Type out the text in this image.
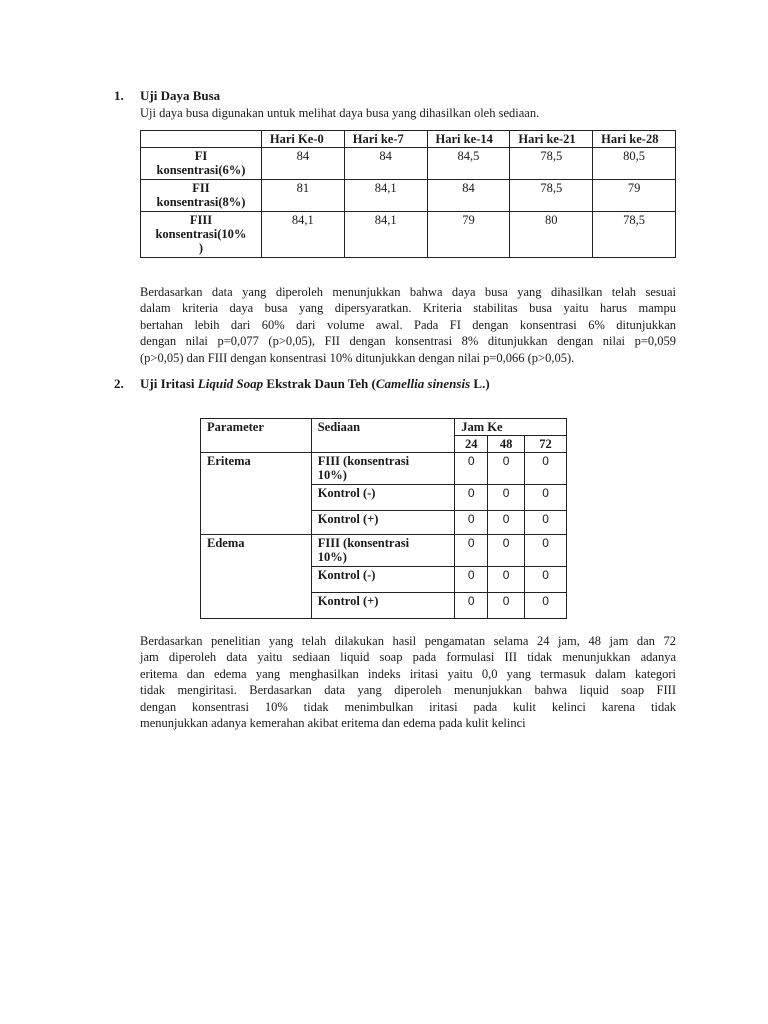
1. Uji Daya Busa
Uji daya busa digunakan untuk melihat daya busa yang dihasilkan oleh sediaan.
	Hari Ke-0	Hari ke-7	Hari ke-14	Hari ke-21	Hari ke-28

FI
konsentrasi(6%)	84	84	84,5	78,5	80,5

FII
konsentrasi(8%)	81	84,1	84	78,5	79

FIII
konsentrasi(10%
)	84,1	84,1	79	80	78,5
Berdasarkan data yang diperoleh menunjukkan bahwa daya busa yang dihasilkan telah sesuai
dalam kriteria daya busa yang dipersyaratkan. Kriteria stabilitas busa yaitu harus mampu
bertahan lebih dari 60% dari volume awal. Pada FI dengan konsentrasi 6% ditunjukkan
dengan nilai p=0,077 (p>0,05), FII dengan konsentrasi 8% ditunjukkan dengan nilai p=0,059
(p>0,05) dan FIII dengan konsentrasi 10% ditunjukkan dengan nilai p=0,066 (p>0,05).
2. Uji Iritasi Liquid Soap Ekstrak Daun Teh (Camellia sinensis L.)
Parameter	Sediaan	Jam Ke		
		24	48	72
Eritema	FIII (konsentrasi
10%)	0	0	0

	Kontrol (-)	0	0	0

	Kontrol (+)	0	0	0
Edema	FIII (konsentrasi
10%)	0	0	0

	Kontrol (-)	0	0	0

	Kontrol (+)	0	0	0
Berdasarkan penelitian yang telah dilakukan hasil pengamatan selama 24 jam, 48 jam dan 72
jam diperoleh data yaitu sediaan liquid soap pada formulasi III tidak menunjukkan adanya
eritema dan edema yang menghasilkan indeks iritasi yaitu 0,0 yang termasuk dalam kategori
tidak mengiritasi. Berdasarkan data yang diperoleh menunjukkan bahwa liquid soap FIII
dengan konsentrasi 10% tidak menimbulkan iritasi pada kulit kelinci karena tidak
menunjukkan adanya kemerahan akibat eritema dan edema pada kulit kelinci
